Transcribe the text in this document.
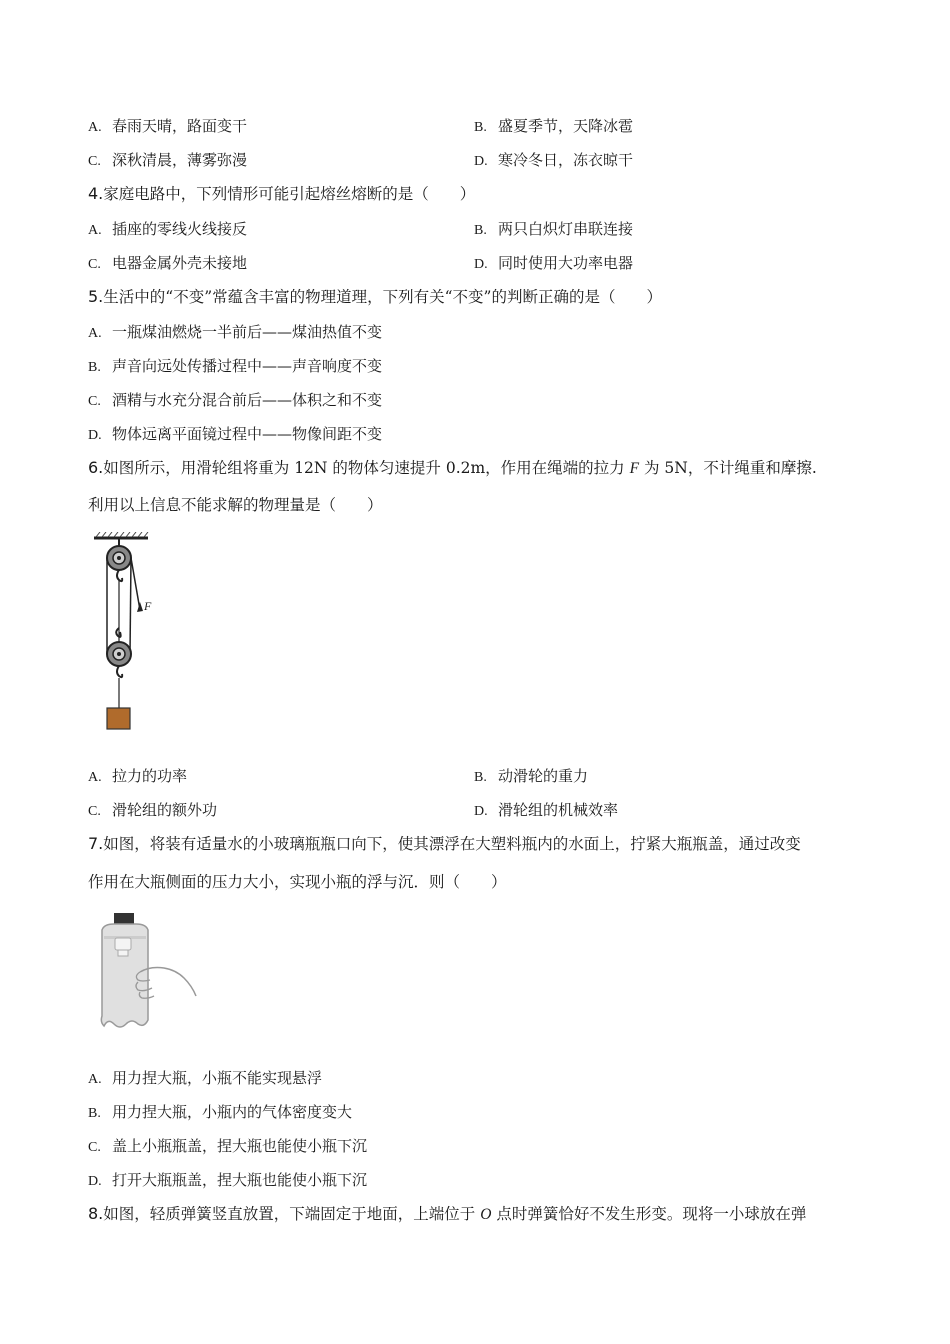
A. 春雨天晴，路面变干	B. 盛夏季节，天降冰雹
C. 深秋清晨，薄雾弥漫	D. 寒冷冬日，冻衣晾干
4.家庭电路中，下列情形可能引起熔丝熔断的是（　　）
A. 插座的零线火线接反	B. 两只白炽灯串联连接
C. 电器金属外壳未接地	D. 同时使用大功率电器
5.生活中的“不变”常蕴含丰富的物理道理，下列有关“不变”的判断正确的是（　　）
A. 一瓶煤油燃烧一半前后——煤油热值不变
B. 声音向远处传播过程中——声音响度不变
C. 酒精与水充分混合前后——体积之和不变
D. 物体远离平面镜过程中——物像间距不变
6.如图所示，用滑轮组将重为 12N 的物体匀速提升 0.2m，作用在绳端的拉力 F 为 5N，不计绳重和摩擦.
利用以上信息不能求解的物理量是（　　）
F
A. 拉力的功率	B. 动滑轮的重力
C. 滑轮组的额外功	D. 滑轮组的机械效率
7.如图，将装有适量水的小玻璃瓶瓶口向下，使其漂浮在大塑料瓶内的水面上，拧紧大瓶瓶盖，通过改变
作用在大瓶侧面的压力大小，实现小瓶的浮与沉．则（　　）
A. 用力捏大瓶，小瓶不能实现悬浮
B. 用力捏大瓶，小瓶内的气体密度变大
C. 盖上小瓶瓶盖，捏大瓶也能使小瓶下沉
D. 打开大瓶瓶盖，捏大瓶也能使小瓶下沉
8.如图，轻质弹簧竖直放置，下端固定于地面，上端位于 O 点时弹簧恰好不发生形变。现将一小球放在弹
